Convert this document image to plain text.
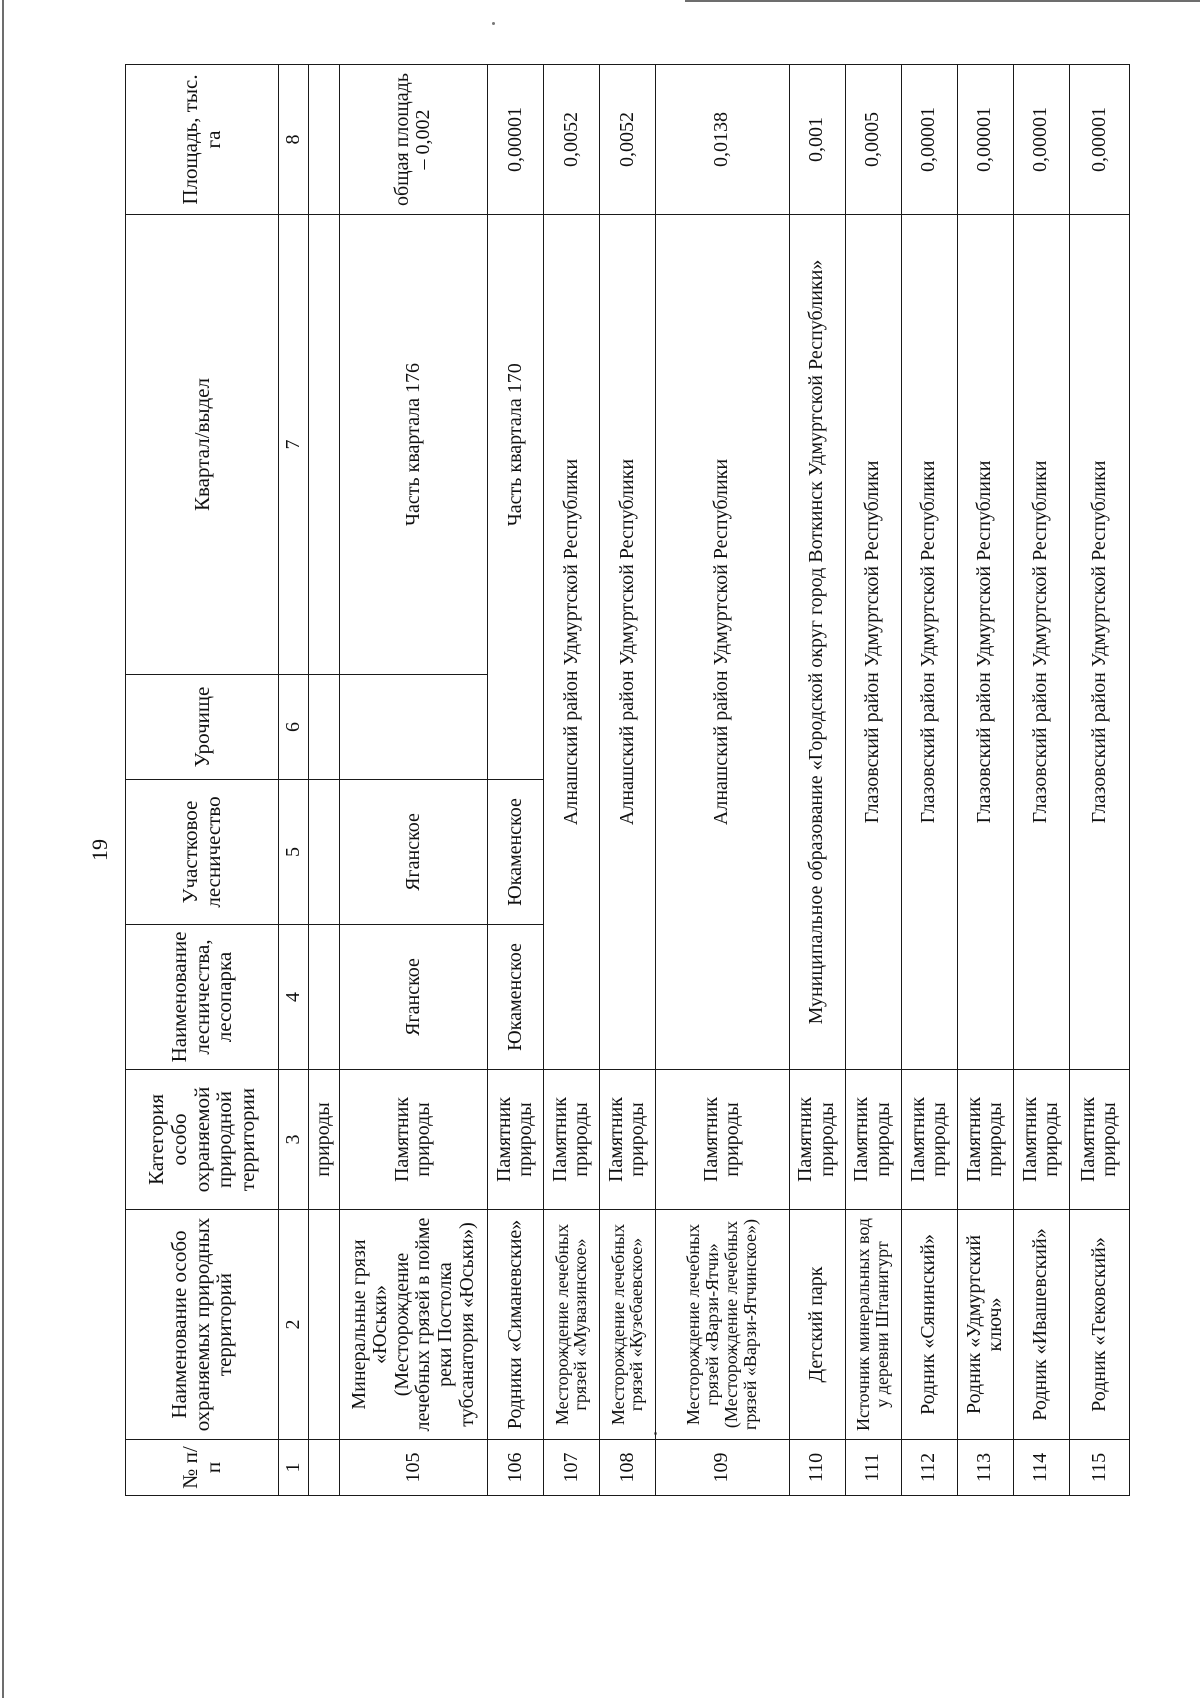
19
№ п/п	Наименование особо охраняемых природных территорий	Категория особо охраняемой природной территории	Наименование лесничества, лесопарка	Участковое лесничество	Урочище	Квартал/выдел	Площадь, тыс. га
1	2	3	4	5	6	7	8
		природы					
105	Минеральные грязи «Юськи» (Месторождение лечебных грязей в пойме реки Постолка тубсанатория «Юськи»)	Памятник природы	Яганское	Яганское		Часть квартала 176	общая площадь – 0,002
106	Родники «Симаневские»	Памятник природы	Юкаменское	Юкаменское		Часть квартала 170	0,00001
107	Месторождение лечебных грязей «Мувазинское»	Памятник природы	Алнашский район Удмуртской Республики				0,0052
108	Месторождение лечебных грязей «Кузебаевское»	Памятник природы	Алнашский район Удмуртской Республики				0,0052
109	Месторождение лечебных грязей «Варзи-Ятчи» (Месторождение лечебных грязей «Варзи-Ятчинское»)	Памятник природы	Алнашский район Удмуртской Республики				0,0138
110	Детский парк	Памятник природы	Муниципальное образование «Городской округ город Воткинск Удмуртской Республики»				0,001
111	Источник минеральных вод у деревни Штанигурт	Памятник природы	Глазовский район Удмуртской Республики				0,0005
112	Родник «Сянинский»	Памятник природы	Глазовский район Удмуртской Республики				0,00001
113	Родник «Удмуртский ключ»	Памятник природы	Глазовский район Удмуртской Республики				0,00001
114	Родник «Ивашевский»	Памятник природы	Глазовский район Удмуртской Республики				0,00001
115	Родник «Тековский»	Памятник природы	Глазовский район Удмуртской Республики				0,00001
